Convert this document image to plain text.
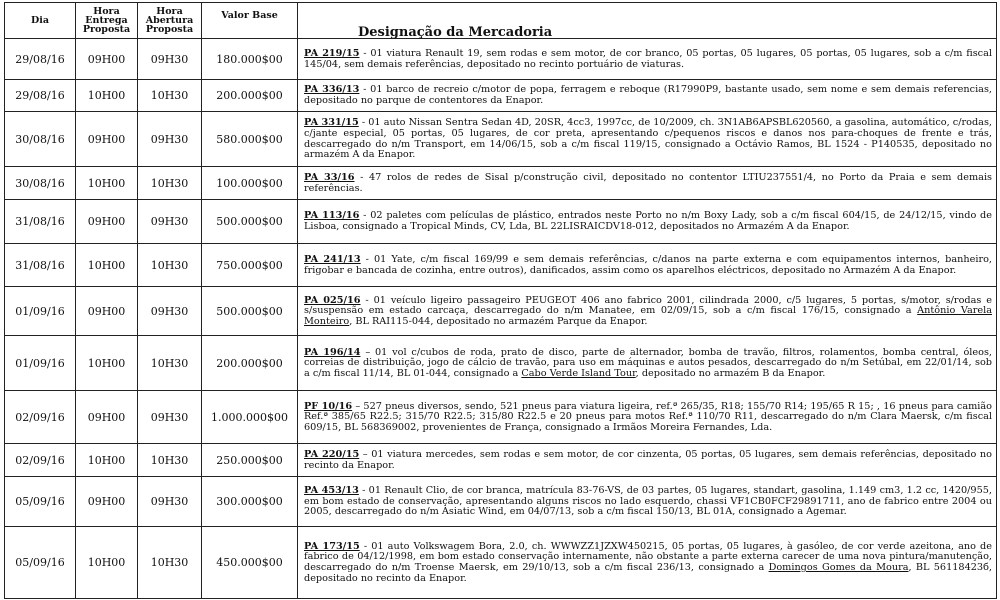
Dia	Hora Entrega Proposta	Hora Abertura Proposta	Valor Base	Designação da Mercadoria
29/08/16	09H00	09H30	180.000$00	PA 219/15 - 01 viatura Renault 19, sem rodas e sem motor, de cor branco, 05 portas, 05 lugares, 05 portas, 05 lugares, sob a c/m fiscal 145/04, sem demais referências, depositado no recinto portuário de viaturas.
29/08/16	10H00	10H30	200.000$00	PA 336/13 - 01 barco de recreio c/motor de popa, ferragem e reboque (R17990P9, bastante usado, sem nome e sem demais referencias, depositado no parque de contentores da Enapor.
30/08/16	09H00	09H30	580.000$00	PA 331/15 - 01 auto Nissan Sentra Sedan 4D, 20SR, 4cc3, 1997cc, de 10/2009, ch. 3N1AB6APSBL620560, a gasolina, automático, c/rodas, c/jante especial, 05 portas, 05 lugares, de cor preta, apresentando c/pequenos riscos e danos nos para-choques de frente e trás, descarregado do n/m Transport, em 14/06/15, sob a c/m fiscal 119/15, consignado a Octávio Ramos, BL 1524 - P140535, depositado no armazém A da Enapor.
30/08/16	10H00	10H30	100.000$00	PA 33/16 - 47 rolos de redes de Sisal p/construção civil, depositado no contentor LTIU237551/4, no Porto da Praia e sem demais referências.
31/08/16	09H00	09H30	500.000$00	PA 113/16 - 02 paletes com películas de plástico, entrados neste Porto no n/m Boxy Lady, sob a c/m fiscal 604/15, de 24/12/15, vindo de Lisboa, consignado a Tropical Minds, CV, Lda, BL 22LISRAICDV18-012, depositados no Armazém A da Enapor.
31/08/16	10H00	10H30	750.000$00	PA 241/13 - 01 Yate, c/m fiscal 169/99 e sem demais referências, c/danos na parte externa e com equipamentos internos, banheiro, frigobar e bancada de cozinha, entre outros), danificados, assim como os aparelhos eléctricos, depositado no Armazém A da Enapor.
01/09/16	09H00	09H30	500.000$00	PA 025/16 - 01 veículo ligeiro passageiro PEUGEOT 406 ano fabrico 2001, cilindrada 2000, c/5 lugares, 5 portas, s/motor, s/rodas e s/suspensão em estado carcaça, descarregado do n/m Manatee, em 02/09/15, sob a c/m fiscal 176/15, consignado a Antônio Varela Monteiro, BL RAI115-044, depositado no armazém Parque da Enapor.
01/09/16	10H00	10H30	200.000$00	PA 196/14 – 01 vol c/cubos de roda, prato de disco, parte de alternador, bomba de travão, filtros, rolamentos, bomba central, óleos, correias de distribuição, jogo de cálcio de travão, para uso em máquinas e autos pesados, descarregado do n/m Setúbal, em 22/01/14, sob a c/m fiscal 11/14, BL 01-044, consignado a Cabo Verde Island Tour, depositado no armazém B da Enapor.
02/09/16	09H00	09H30	1.000.000$00	PF 10/16 – 527 pneus diversos, sendo, 521 pneus para viatura ligeira, ref.ª 265/35, R18; 155/70 R14; 195/65 R 15; , 16 pneus para camião Ref.ª 385/65 R22.5; 315/70 R22.5; 315/80 R22.5 e 20 pneus para motos Ref.ª 110/70 R11, descarregado do n/m Clara Maersk, c/m fiscal 609/15, BL 568369002, provenientes de França, consignado a Irmãos Moreira Fernandes, Lda.
02/09/16	10H00	10H30	250.000$00	PA 220/15 – 01 viatura mercedes, sem rodas e sem motor, de cor cinzenta, 05 portas, 05 lugares, sem demais referências, depositado no recinto da Enapor.
05/09/16	09H00	09H30	300.000$00	PA 453/13 - 01 Renault Clio, de cor branca, matrícula 83-76-VS, de 03 partes, 05 lugares, standart, gasolina, 1.149 cm3, 1.2 cc, 1420/955, em bom estado de conservação, apresentando alguns riscos no lado esquerdo, chassi VF1CB0FCF29891711, ano de fabrico entre 2004 ou 2005, descarregado do n/m Asiatic Wind, em 04/07/13, sob a c/m fiscal 150/13, BL 01A, consignado a Agemar.
05/09/16	10H00	10H30	450.000$00	PA 173/15 - 01 auto Volkswagem Bora, 2.0, ch. WWWZZ1JZXW450215, 05 portas, 05 lugares, à gasóleo, de cor verde azeitona, ano de fabrico de 04/12/1998, em bom estado conservação internamente, não obstante a parte externa carecer de uma nova pintura/manutenção, descarregado do n/m Troense Maersk, em 29/10/13, sob a c/m fiscal 236/13, consignado a Domingos Gomes da Moura, BL 56118423б, depositado no recinto da Enapor.
